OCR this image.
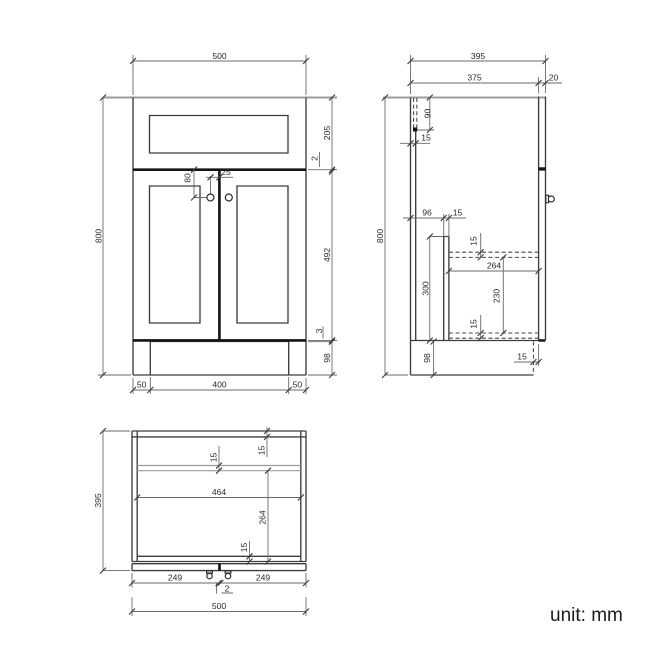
500
800
205
2
492
3
98
80
25
50	400	50
395
375	20
800
90
15
96 15
15
264
300
230
15
98	15
395
15
15
464
264
15
249
2
249
500	unit: mm
